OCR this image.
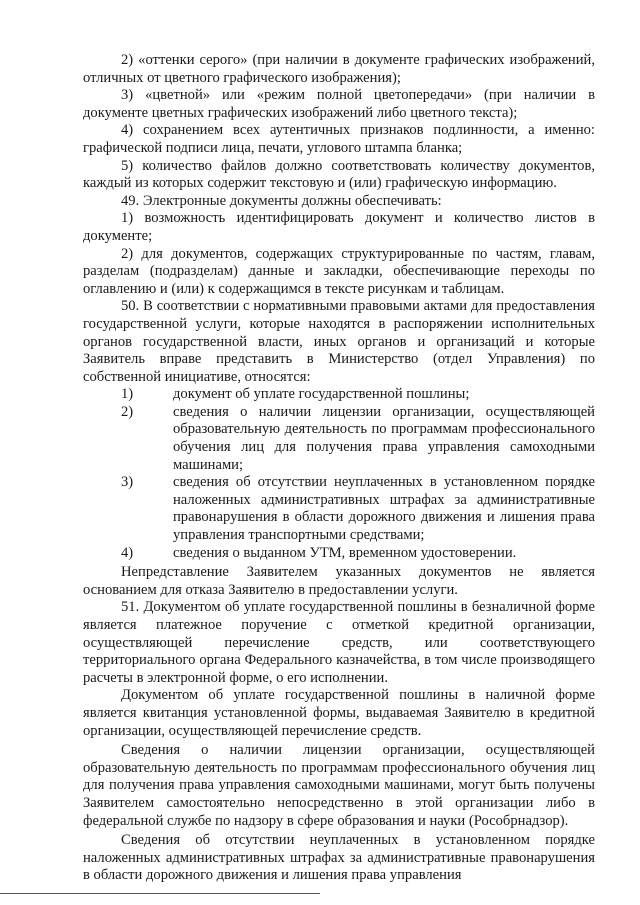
2) «оттенки серого» (при наличии в документе графических изображений, отличных от цветного графического изображения);

3) «цветной» или «режим полной цветопередачи» (при наличии в документе цветных графических изображений либо цветного текста);

4) сохранением всех аутентичных признаков подлинности, а именно: графической подписи лица, печати, углового штампа бланка;

5) количество файлов должно соответствовать количеству документов, каждый из которых содержит текстовую и (или) графическую информацию.

49. Электронные документы должны обеспечивать:

1) возможность идентифицировать документ и количество листов в документе;

2) для документов, содержащих структурированные по частям, главам, разделам (подразделам) данные и закладки, обеспечивающие переходы по оглавлению и (или) к содержащимся в тексте рисункам и таблицам.

50. В соответствии с нормативными правовыми актами для предоставления государственной услуги, которые находятся в распоряжении исполнительных органов государственной власти, иных органов и организаций и которые Заявитель вправе представить в Министерство (отдел Управления) по собственной инициативе, относятся:

1)	документ об уплате государственной пошлины;
2)	сведения о наличии лицензии организации, осуществляющей образовательную деятельность по программам профессионального обучения лиц для получения права управления самоходными машинами;
3)	сведения об отсутствии неуплаченных в установленном порядке наложенных административных штрафах за административные правонарушения в области дорожного движения и лишения права управления транспортными средствами;
4)	сведения о выданном УТМ, временном удостоверении.

Непредставление Заявителем указанных документов не является основанием для отказа Заявителю в предоставлении услуги.

51. Документом об уплате государственной пошлины в безналичной форме является платежное поручение с отметкой кредитной организации, осуществляющей перечисление средств, или соответствующего территориального органа Федерального казначейства, в том числе производящего расчеты в электронной форме, о его исполнении.

Документом об уплате государственной пошлины в наличной форме является квитанция установленной формы, выдаваемая Заявителю в кредитной организации, осуществляющей перечисление средств.

Сведения о наличии лицензии организации, осуществляющей образовательную деятельность по программам профессионального обучения лиц для получения права управления самоходными машинами, могут быть получены Заявителем самостоятельно непосредственно в этой организации либо в федеральной службе по надзору в сфере образования и науки (Рособрнадзор).

Сведения об отсутствии неуплаченных в установленном порядке наложенных административных штрафах за административные правонарушения в области дорожного движения и лишения права управления
